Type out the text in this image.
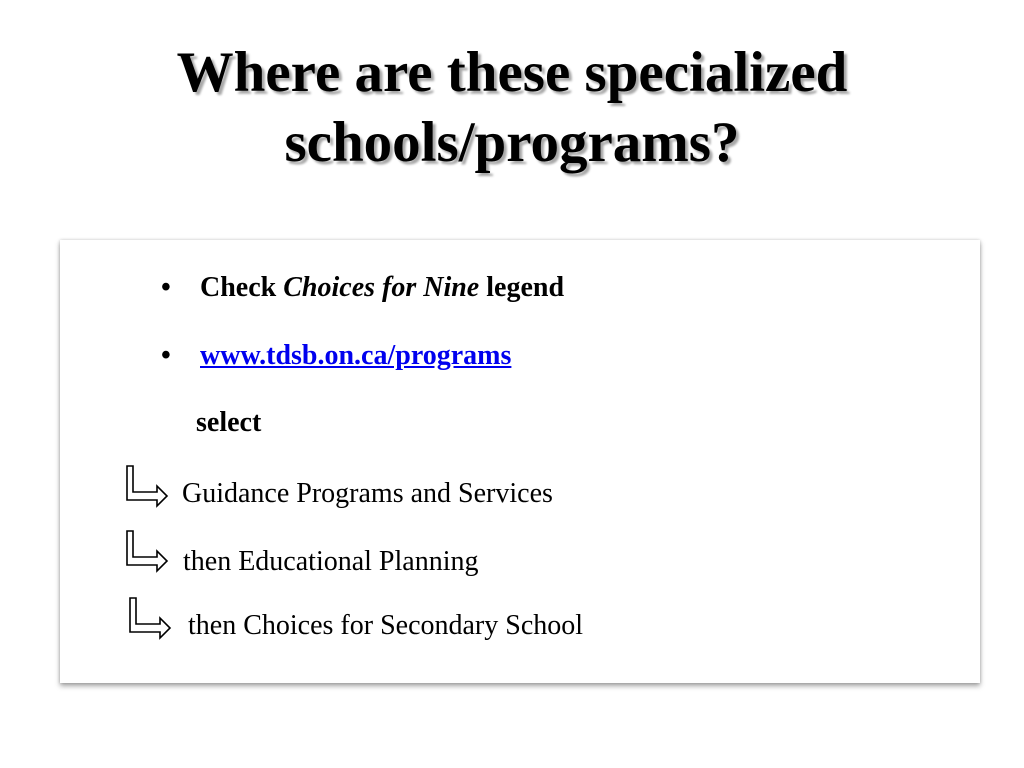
Where are these specialized
schools/programs?
• Check Choices for Nine legend
• www.tdsb.on.ca/programs
select
Guidance Programs and Services
then Educational Planning
then Choices for Secondary School
